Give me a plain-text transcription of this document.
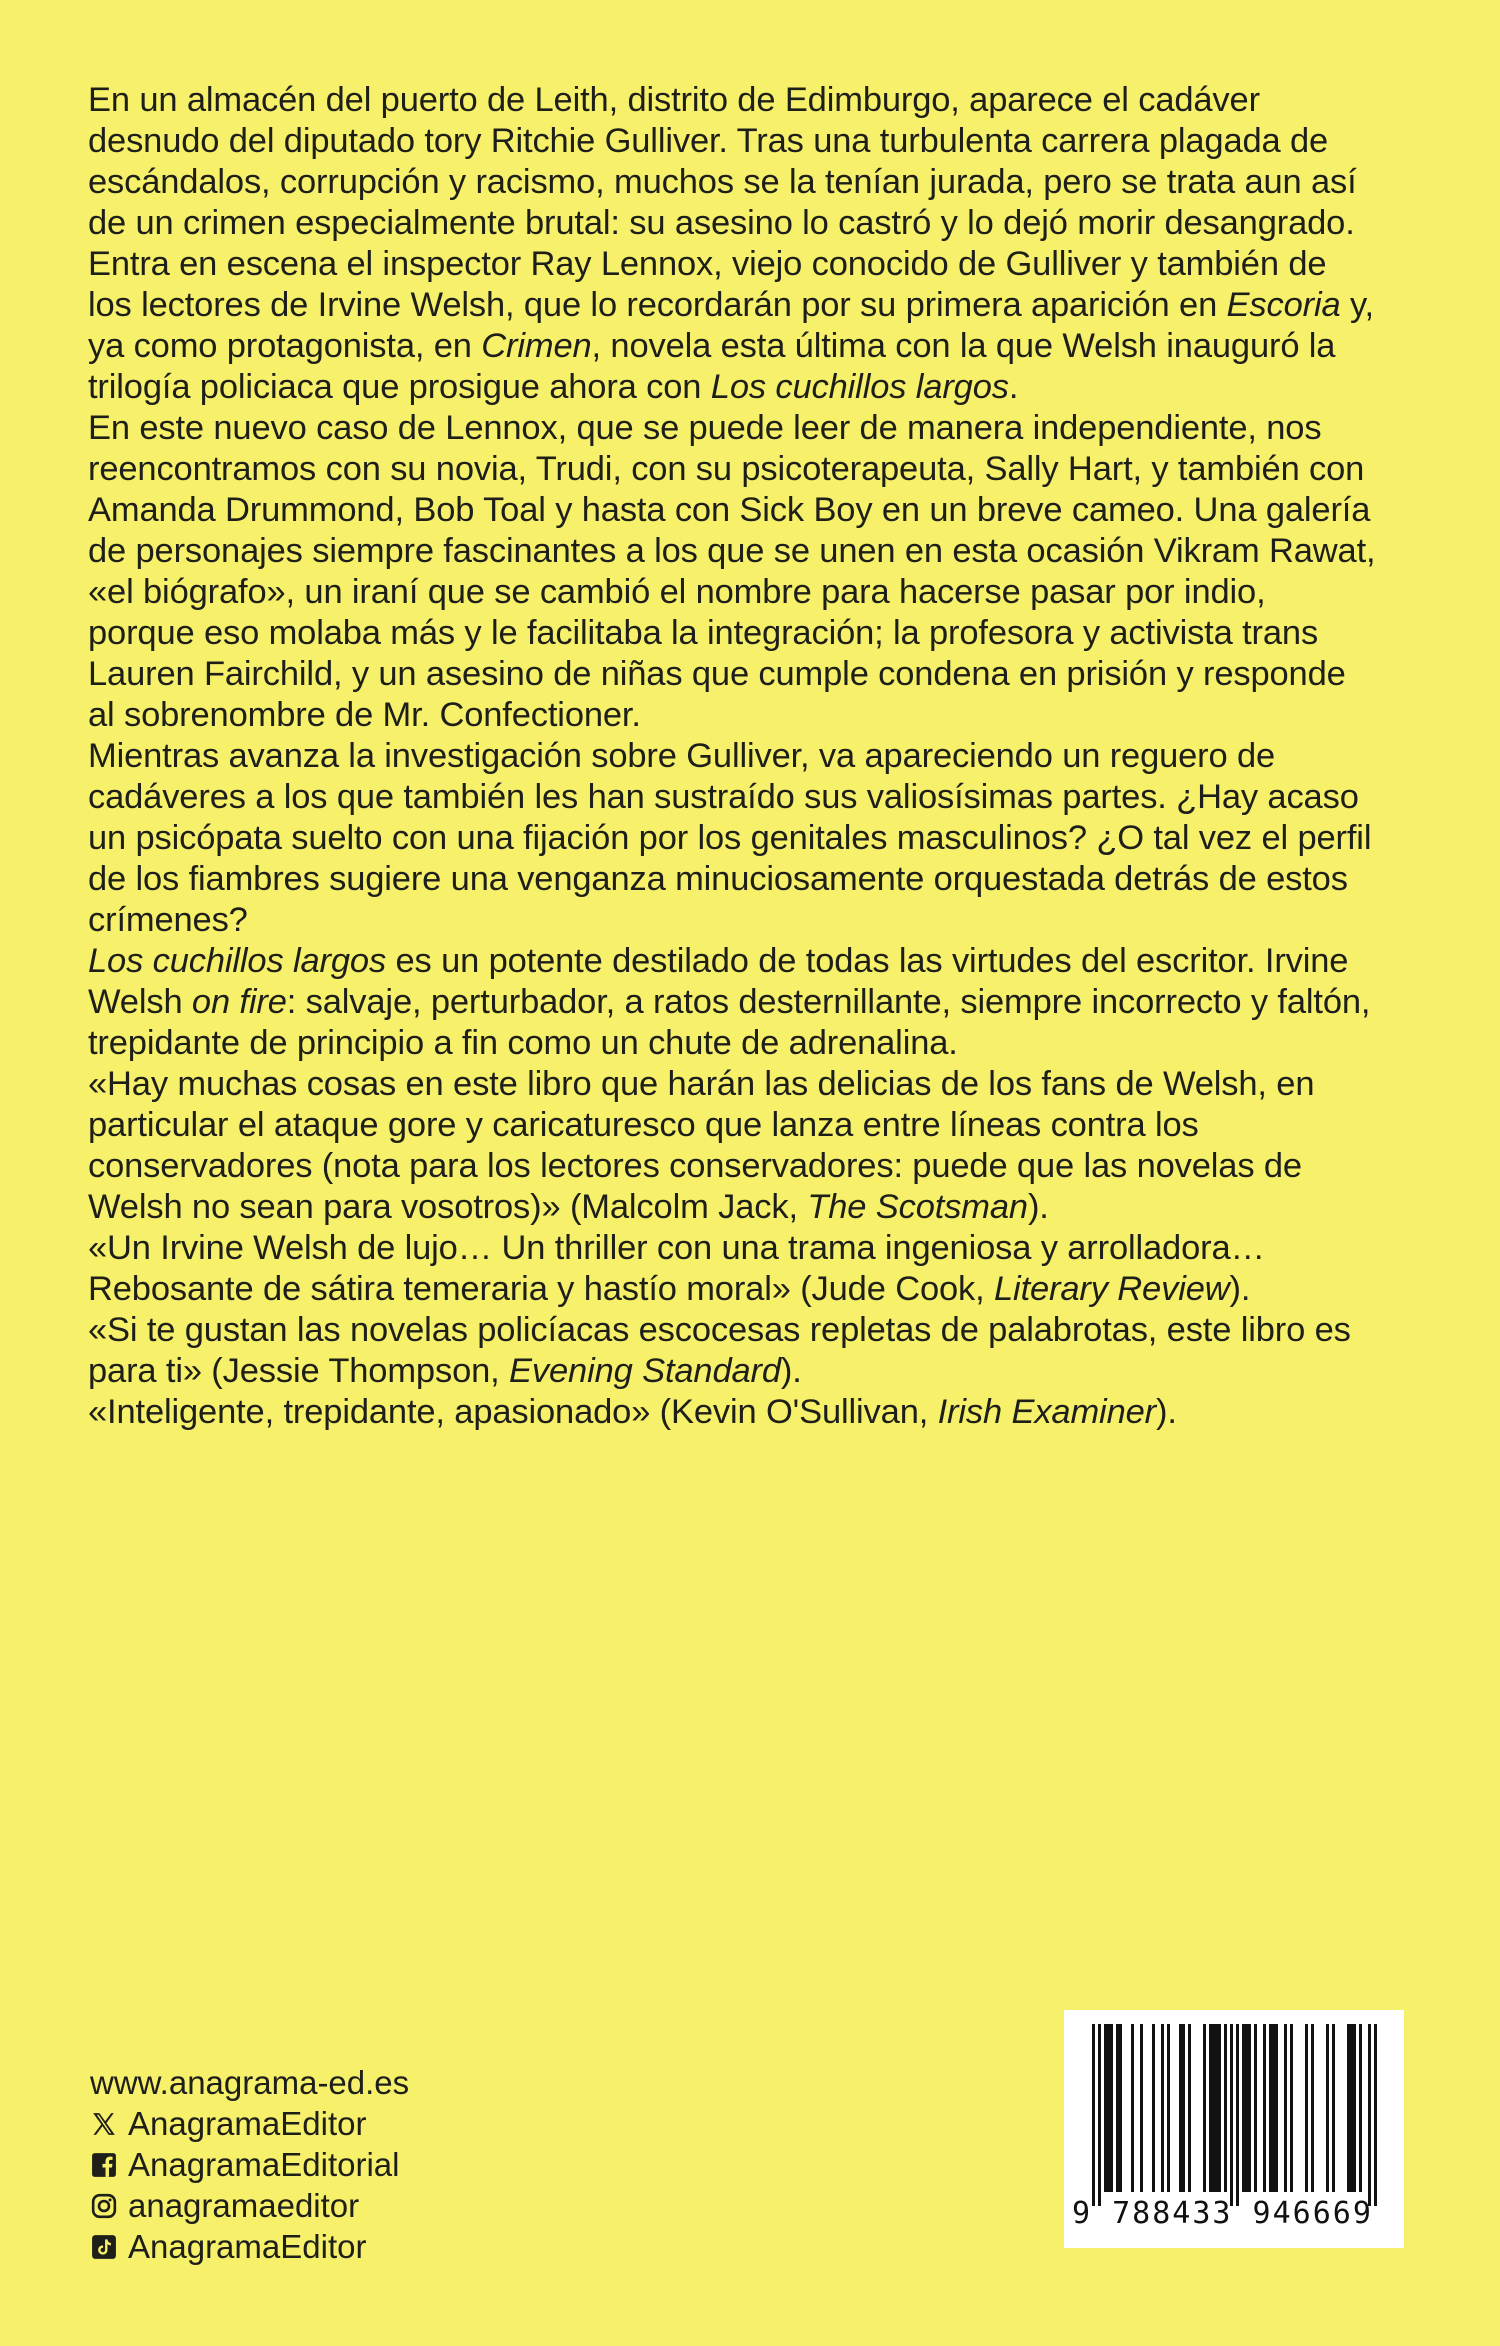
En un almacén del puerto de Leith, distrito de Edimburgo, aparece el cadáver desnudo del diputado tory Ritchie Gulliver. Tras una turbulenta carrera plagada de escándalos, corrupción y racismo, muchos se la tenían jurada, pero se trata aun así de un crimen especialmente brutal: su asesino lo castró y lo dejó morir desangrado.

Entra en escena el inspector Ray Lennox, viejo conocido de Gulliver y también de los lectores de Irvine Welsh, que lo recordarán por su primera aparición en Escoria y, ya como protagonista, en Crimen, novela esta última con la que Welsh inauguró la trilogía policiaca que prosigue ahora con Los cuchillos largos.

En este nuevo caso de Lennox, que se puede leer de manera independiente, nos reencontramos con su novia, Trudi, con su psicoterapeuta, Sally Hart, y también con Amanda Drummond, Bob Toal y hasta con Sick Boy en un breve cameo. Una galería de personajes siempre fascinantes a los que se unen en esta ocasión Vikram Rawat, «el biógrafo», un iraní que se cambió el nombre para hacerse pasar por indio, porque eso molaba más y le facilitaba la integración; la profesora y activista trans Lauren Fairchild, y un asesino de niñas que cumple condena en prisión y responde al sobrenombre de Mr. Confectioner.

Mientras avanza la investigación sobre Gulliver, va apareciendo un reguero de cadáveres a los que también les han sustraído sus valiosísimas partes. ¿Hay acaso un psicópata suelto con una fijación por los genitales masculinos? ¿O tal vez el perfil de los fiambres sugiere una venganza minuciosamente orquestada detrás de estos crímenes?

Los cuchillos largos es un potente destilado de todas las virtudes del escritor. Irvine Welsh on fire: salvaje, perturbador, a ratos desternillante, siempre incorrecto y faltón, trepidante de principio a fin como un chute de adrenalina.

«Hay muchas cosas en este libro que harán las delicias de los fans de Welsh, en particular el ataque gore y caricaturesco que lanza entre líneas contra los conservadores (nota para los lectores conservadores: puede que las novelas de Welsh no sean para vosotros)» (Malcolm Jack, The Scotsman).

«Un Irvine Welsh de lujo… Un thriller con una trama ingeniosa y arrolladora… Rebosante de sátira temeraria y hastío moral» (Jude Cook, Literary Review).

«Si te gustan las novelas policíacas escocesas repletas de palabrotas, este libro es para ti» (Jessie Thompson, Evening Standard).

«Inteligente, trepidante, apasionado» (Kevin O'Sullivan, Irish Examiner).

www.anagrama-ed.es
AnagramaEditor
AnagramaEditorial
anagramaeditor
AnagramaEditor
9 788433 946669
